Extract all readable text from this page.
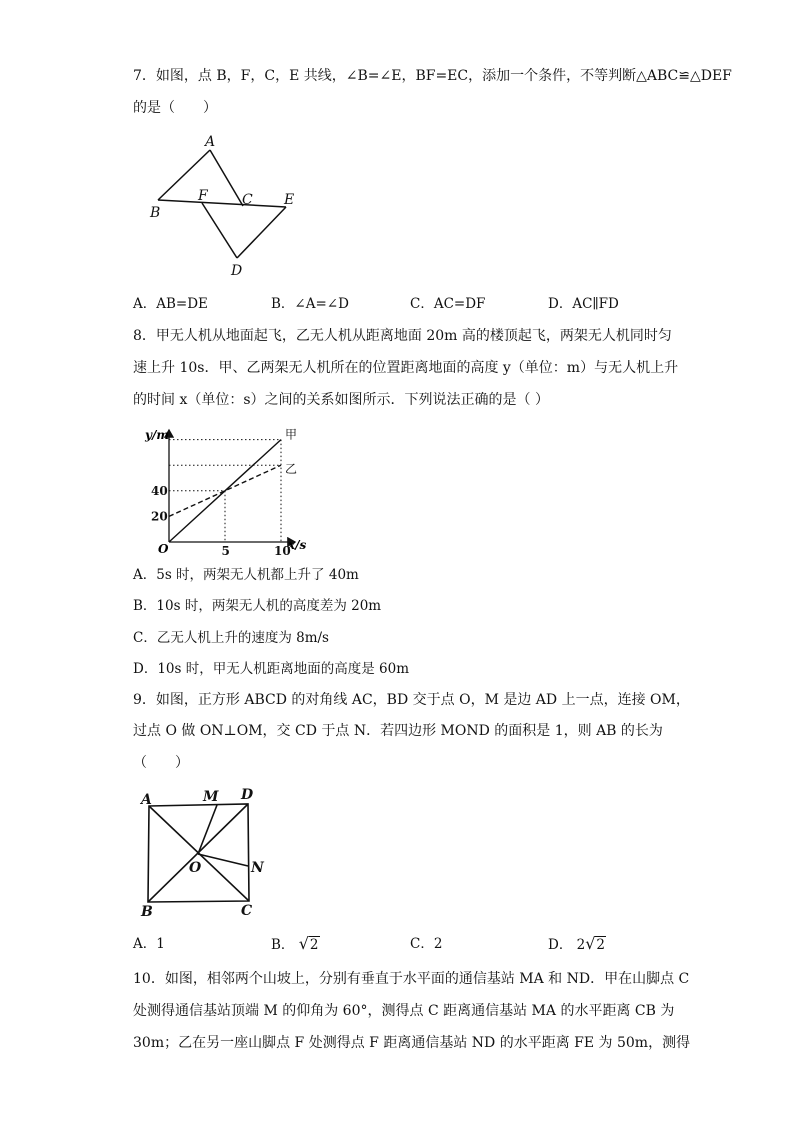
7．如图，点 B，F，C，E 共线，∠B=∠E，BF=EC，添加一个条件，不等判断△ABC≌△DEF
的是（　　）
A
B
F C E
D
A．AB=DE	B．∠A=∠D	C．AC=DF	D．AC∥FD
8．甲无人机从地面起飞，乙无人机从距离地面 20m 高的楼顶起飞，两架无人机同时匀
速上升 10s．甲、乙两架无人机所在的位置距离地面的高度 y（单位：m）与无人机上升
的时间 x（单位：s）之间的关系如图所示．下列说法正确的是（ ）
甲
乙
5	10
20
40
y/m
x/s
O
A．5s 时，两架无人机都上升了 40m
B．10s 时，两架无人机的高度差为 20m
C．乙无人机上升的速度为 8m/s
D．10s 时，甲无人机距离地面的高度是 60m
9．如图，正方形 ABCD 的对角线 AC，BD 交于点 O，M 是边 AD 上一点，连接 OM，
过点 O 做 ON⊥OM，交 CD 于点 N．若四边形 MOND 的面积是 1，则 AB 的长为
（　　）
A	M D
O	N
B	C
A．1	B． √2	C．2	D． 2√2
10．如图，相邻两个山坡上，分别有垂直于水平面的通信基站 MA 和 ND．甲在山脚点 C
处测得通信基站顶端 M 的仰角为 60°，测得点 C 距离通信基站 MA 的水平距离 CB 为
30m；乙在另一座山脚点 F 处测得点 F 距离通信基站 ND 的水平距离 FE 为 50m，测得
